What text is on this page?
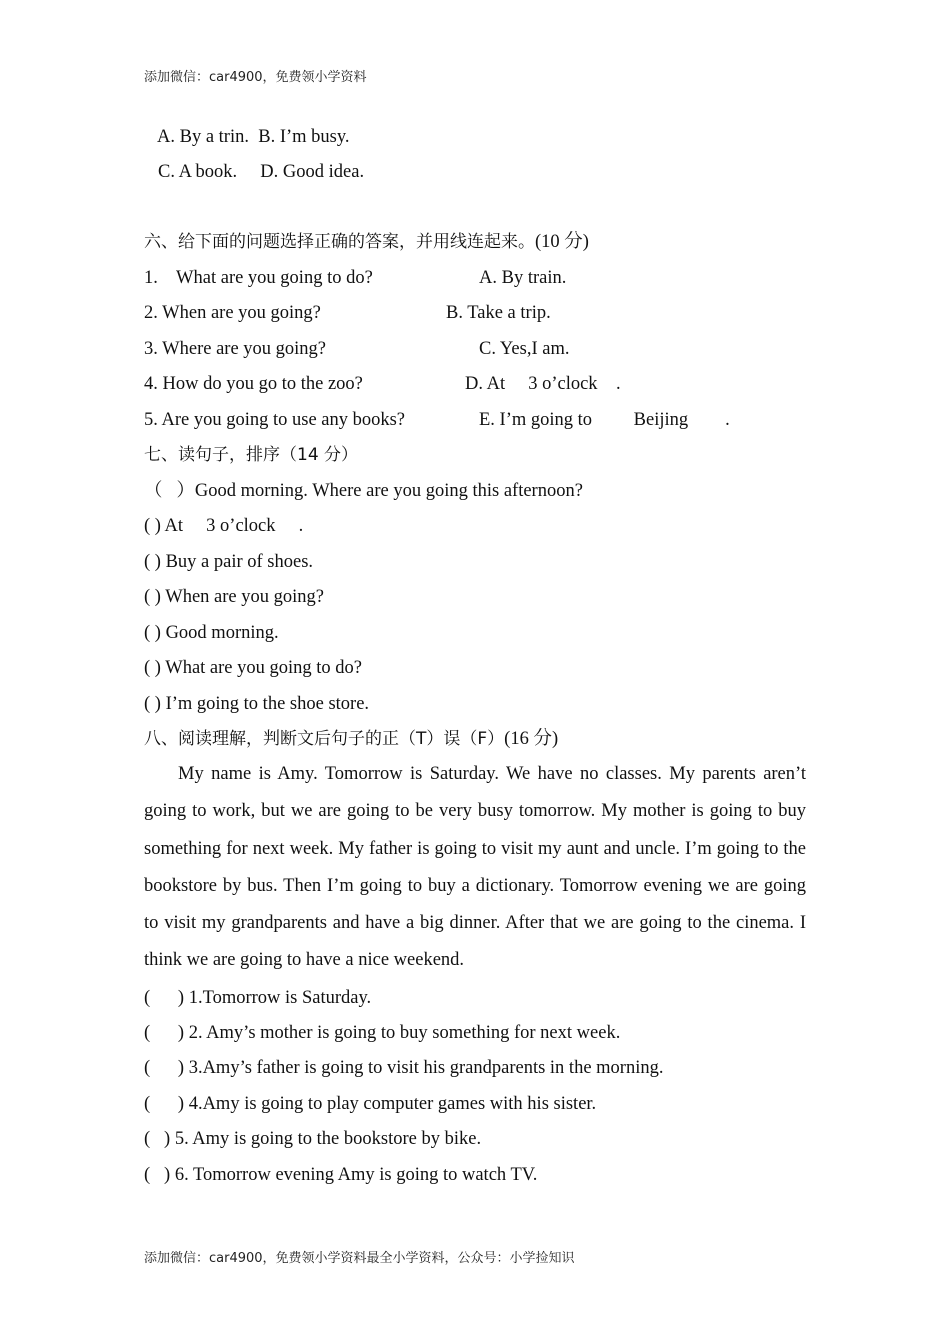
添加微信：car4900，免费领小学资料
A. By a trin.  B. I’m busy.
C. A book.     D. Good idea.
六、给下面的问题选择正确的答案，并用线连起来。(10 分)
1.    What are you going to do?
2. When are you going?
3. Where are you going?
4. How do you go to the zoo?
5. Are you going to use any books?
A. By train.
B. Take a trip.
C. Yes,I am.
D. At     3 o’clock    .
E. I’m going to         Beijing        .
七、读句子，排序（14 分）
（   ）Good morning. Where are you going this afternoon?
( ) At     3 o’clock     .
( ) Buy a pair of shoes.
( ) When are you going?
( ) Good morning.
( ) What are you going to do?
( ) I’m going to the shoe store.
八、阅读理解，判断文后句子的正（T）误（F）(16 分)
My name is Amy. Tomorrow is Saturday. We have no classes. My parents aren’t going to work, but we are going to be very busy tomorrow. My mother is going to buy something for next week. My father is going to visit my aunt and uncle. I’m going to the bookstore by bus. Then I’m going to buy a dictionary. Tomorrow evening we are going to visit my grandparents and have a big dinner. After that we are going to the cinema. I think we are going to have a nice weekend.
(      ) 1.Tomorrow is Saturday.
(      ) 2. Amy’s mother is going to buy something for next week.
(      ) 3.Amy’s father is going to visit his grandparents in the morning.
(      ) 4.Amy is going to play computer games with his sister.
(   ) 5. Amy is going to the bookstore by bike.
(   ) 6. Tomorrow evening Amy is going to watch TV.
添加微信：car4900，免费领小学资料最全小学资料，公众号：小学捡知识
